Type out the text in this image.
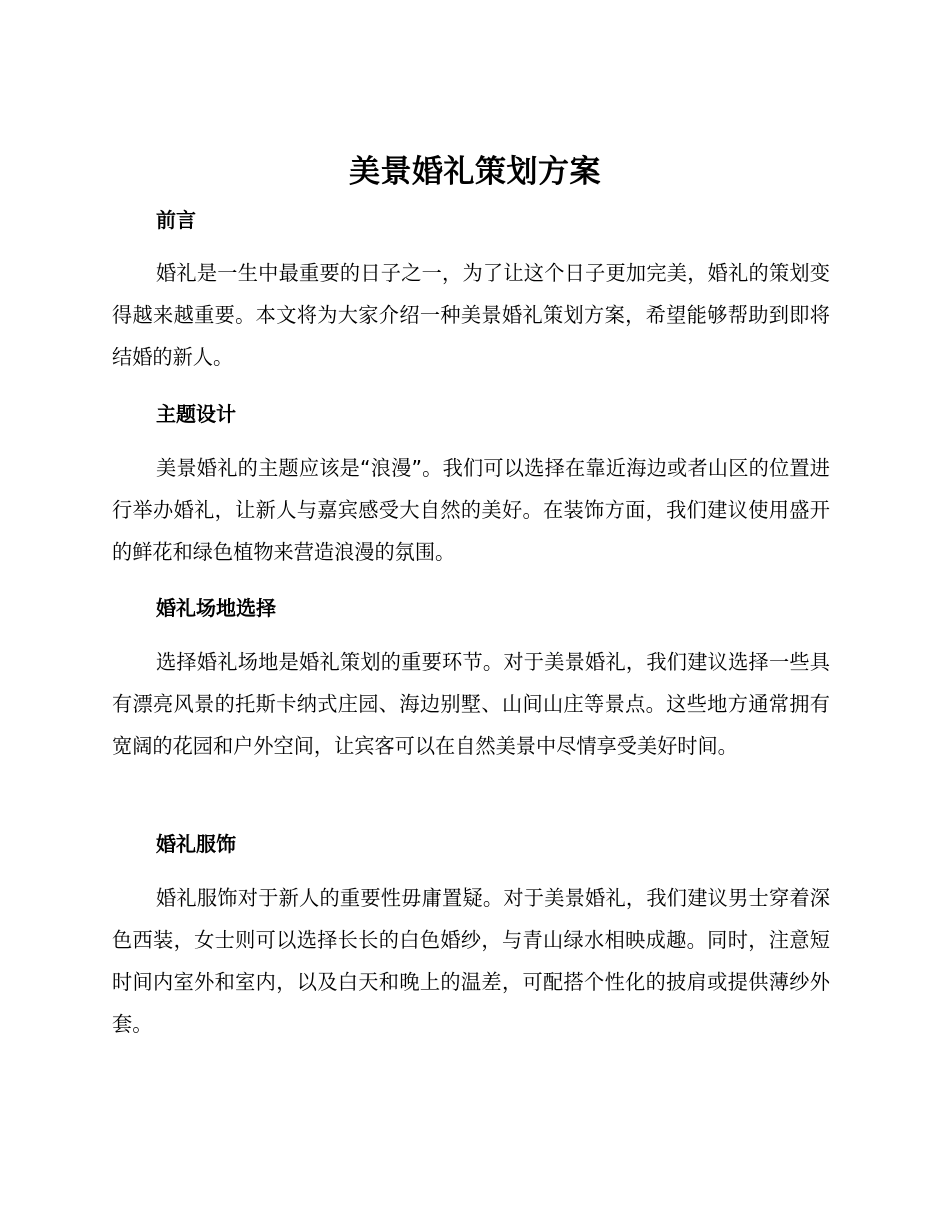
美景婚礼策划方案
前言
婚礼是一生中最重要的日子之一，为了让这个日子更加完美，婚礼的策划变得越来越重要。本文将为大家介绍一种美景婚礼策划方案，希望能够帮助到即将结婚的新人。
主题设计
美景婚礼的主题应该是“浪漫”。我们可以选择在靠近海边或者山区的位置进行举办婚礼，让新人与嘉宾感受大自然的美好。在装饰方面，我们建议使用盛开的鲜花和绿色植物来营造浪漫的氛围。
婚礼场地选择
选择婚礼场地是婚礼策划的重要环节。对于美景婚礼，我们建议选择一些具有漂亮风景的托斯卡纳式庄园、海边别墅、山间山庄等景点。这些地方通常拥有宽阔的花园和户外空间，让宾客可以在自然美景中尽情享受美好时间。
婚礼服饰
婚礼服饰对于新人的重要性毋庸置疑。对于美景婚礼，我们建议男士穿着深色西装，女士则可以选择长长的白色婚纱，与青山绿水相映成趣。同时，注意短时间内室外和室内，以及白天和晚上的温差，可配搭个性化的披肩或提供薄纱外套。
